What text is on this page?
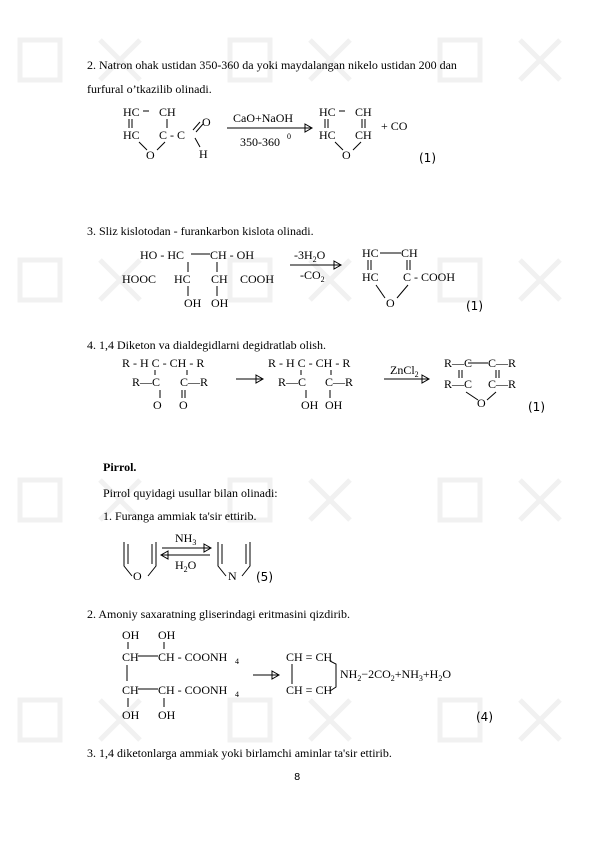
2. Natron ohak ustidan 350-360 da yoki maydalangan nikelo ustidan 200 dan
furfural o’tkazilib olinadi.
HC CH
HC C - C
O
O
H
CaO+NaOH
350-360 0
HC CH
HC CH
O
+ CO
(1)
3. Sliz kislotodan - furankarbon kislota olinadi.
HO - HC CH - OH
HOOC HC CH COOH
OH OH
$-3H_2O$
$-CO_2$
HC CH
HC C - COOH
O	(1)
4. 1,4 Diketon va dialdegidlarni degidratlab olish.
R - H C - CH - R
R—C C—R
O O
R - H C - CH - R
R—C C—R
OH OH
ZnCl$_2$
R—C C—R
R—C C—R
O	(1)
Pirrol.
Pirrol quyidagi usullar bilan olinadi:
1. Furanga ammiak ta'sir ettirib.
O
$NH_3$
$H_2O$
N (5)
2. Amoniy saxaratning gliserindagi eritmasini qizdirib.
OH OH
CH CH - COONH 4
CH CH - COONH 4
OH OH
CH = CH
CH = CH
$NH_2-2CO_2+NH_3+H_2O$
(4)
3. 1,4 diketonlarga ammiak yoki birlamchi aminlar ta'sir ettirib.
8
